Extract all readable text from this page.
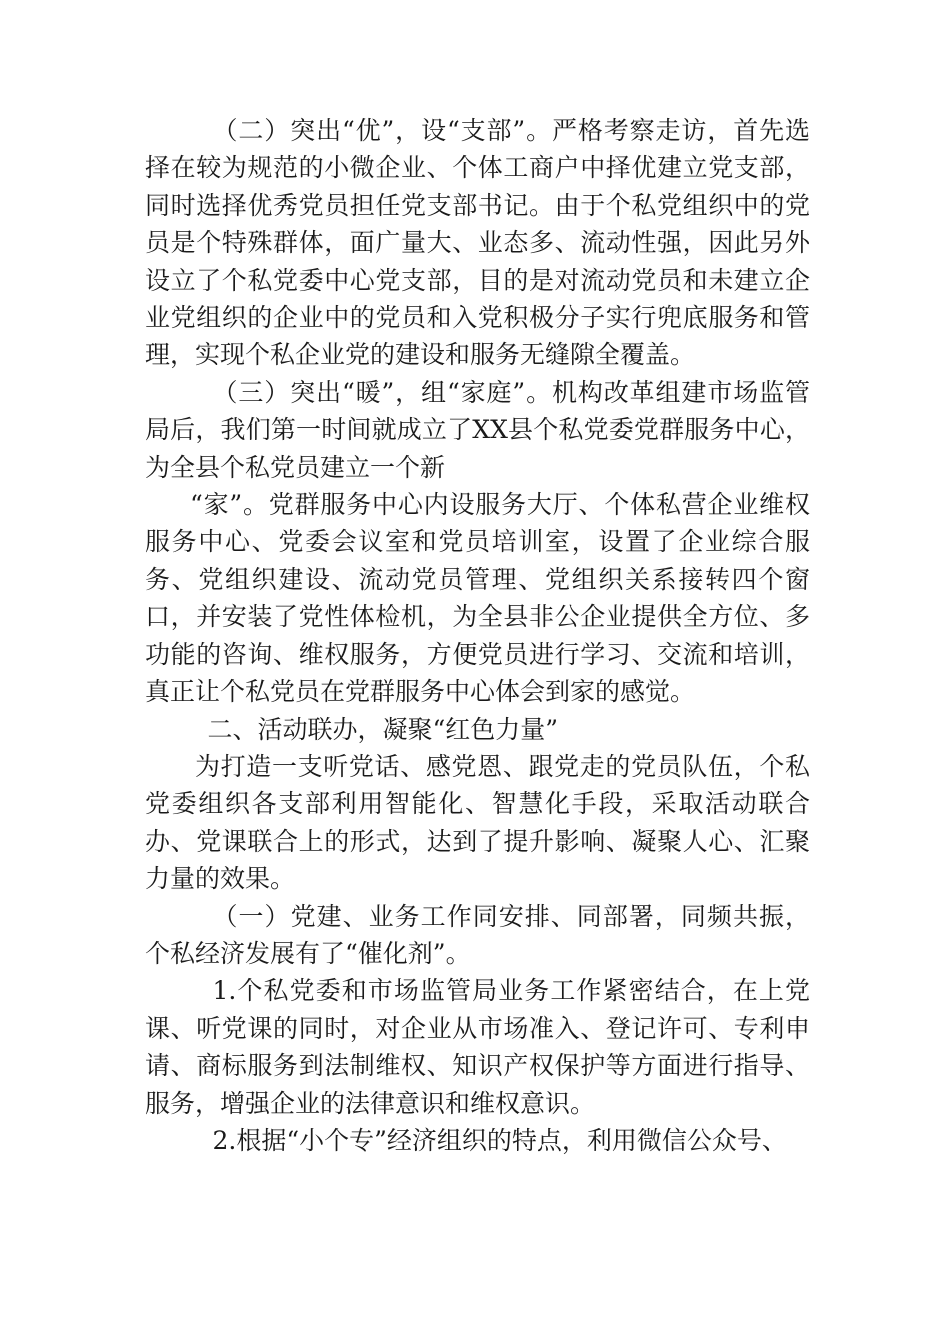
（二）突出“优”，设“支部”。严格考察走访，首先选择在较为规范的小微企业、个体工商户中择优建立党支部，同时选择优秀党员担任党支部书记。由于个私党组织中的党员是个特殊群体，面广量大、业态多、流动性强，因此另外设立了个私党委中心党支部，目的是对流动党员和未建立企业党组织的企业中的党员和入党积极分子实行兜底服务和管理，实现个私企业党的建设和服务无缝隙全覆盖。

（三）突出“暖”，组“家庭”。机构改革组建市场监管局后，我们第一时间就成立了XX县个私党委党群服务中心，为全县个私党员建立一个新

“家”。党群服务中心内设服务大厅、个体私营企业维权服务中心、党委会议室和党员培训室，设置了企业综合服务、党组织建设、流动党员管理、党组织关系接转四个窗口，并安装了党性体检机，为全县非公企业提供全方位、多功能的咨询、维权服务，方便党员进行学习、交流和培训，真正让个私党员在党群服务中心体会到家的感觉。

二、活动联办，凝聚“红色力量”

为打造一支听党话、感党恩、跟党走的党员队伍，个私党委组织各支部利用智能化、智慧化手段，采取活动联合办、党课联合上的形式，达到了提升影响、凝聚人心、汇聚力量的效果。

（一）党建、业务工作同安排、同部署，同频共振，个私经济发展有了“催化剂”。

1.个私党委和市场监管局业务工作紧密结合，在上党课、听党课的同时，对企业从市场准入、登记许可、专利申请、商标服务到法制维权、知识产权保护等方面进行指导、服务，增强企业的法律意识和维权意识。

2.根据“小个专”经济组织的特点，利用微信公众号、
